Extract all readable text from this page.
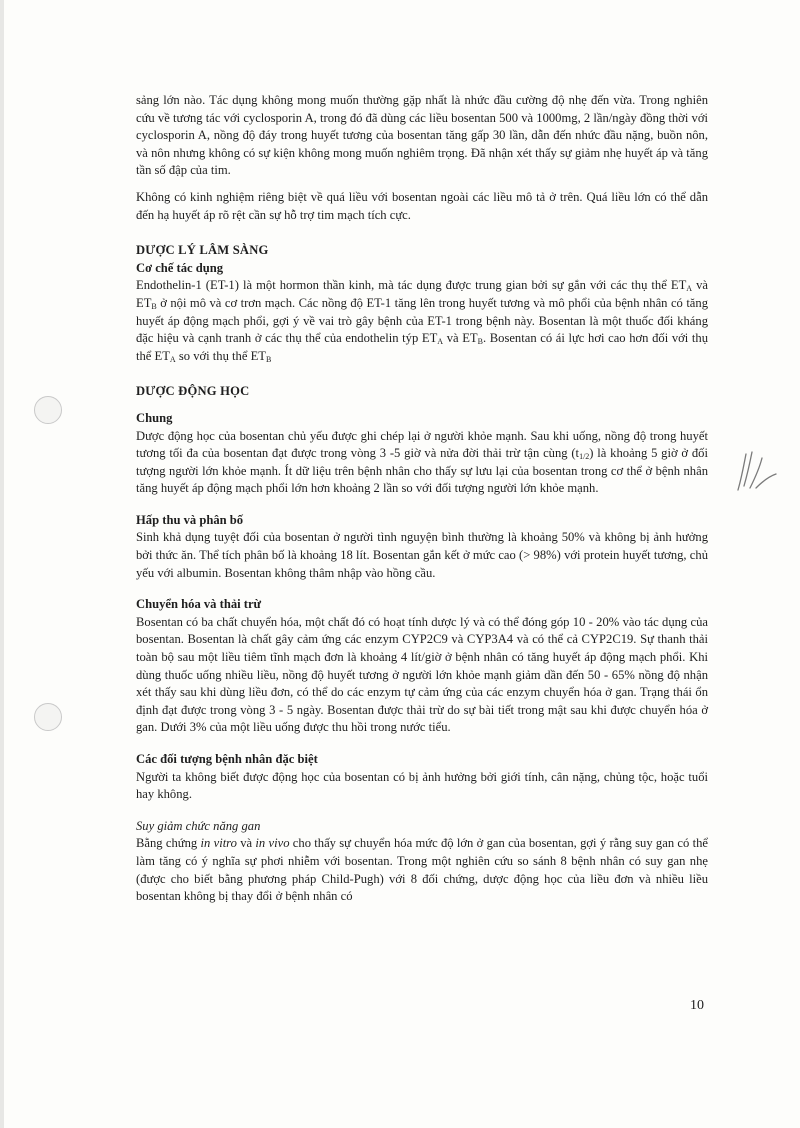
sảng lớn nào. Tác dụng không mong muốn thường gặp nhất là nhức đầu cường độ nhẹ đến vừa. Trong nghiên cứu về tương tác với cyclosporin A, trong đó đã dùng các liều bosentan 500 và 1000mg, 2 lần/ngày đồng thời với cyclosporin A, nồng độ đáy trong huyết tương của bosentan tăng gấp 30 lần, dẫn đến nhức đầu nặng, buồn nôn, và nôn nhưng không có sự kiện không mong muốn nghiêm trọng. Đã nhận xét thấy sự giảm nhẹ huyết áp và tăng tần số đập của tim.

Không có kinh nghiệm riêng biệt về quá liều với bosentan ngoài các liều mô tả ở trên. Quá liều lớn có thể dẫn đến hạ huyết áp rõ rệt cần sự hỗ trợ tim mạch tích cực.

DƯỢC LÝ LÂM SÀNG

Cơ chế tác dụng

Endothelin-1 (ET-1) là một hormon thần kinh, mà tác dụng được trung gian bởi sự gắn với các thụ thể $ET_A$ và $ET_B$ ở nội mô và cơ trơn mạch. Các nồng độ ET-1 tăng lên trong huyết tương và mô phổi của bệnh nhân có tăng huyết áp động mạch phổi, gợi ý về vai trò gây bệnh của ET-1 trong bệnh này. Bosentan là một thuốc đối kháng đặc hiệu và cạnh tranh ở các thụ thể của endothelin týp $ET_A$ và $ET_B$. Bosentan có ái lực hơi cao hơn đối với thụ thể $ET_A$ so với thụ thể $ET_B$

DƯỢC ĐỘNG HỌC

Chung

Dược động học của bosentan chủ yếu được ghi chép lại ở người khỏe mạnh. Sau khi uống, nồng độ trong huyết tương tối đa của bosentan đạt được trong vòng 3 -5 giờ và nửa đời thải trừ tận cùng $(t_{1/2})$ là khoảng 5 giờ ở đối tượng người lớn khỏe mạnh. Ít dữ liệu trên bệnh nhân cho thấy sự lưu lại của bosentan trong cơ thể ở bệnh nhân tăng huyết áp động mạch phổi lớn hơn khoảng 2 lần so với đối tượng người lớn khỏe mạnh.

Hấp thu và phân bố

Sinh khả dụng tuyệt đối của bosentan ở người tình nguyện bình thường là khoảng 50% và không bị ảnh hưởng bởi thức ăn. Thể tích phân bố là khoảng 18 lít. Bosentan gắn kết ở mức cao (> 98%) với protein huyết tương, chủ yếu với albumin. Bosentan không thâm nhập vào hồng cầu.

Chuyển hóa và thải trừ

Bosentan có ba chất chuyển hóa, một chất đó có hoạt tính dược lý và có thể đóng góp 10 - 20% vào tác dụng của bosentan. Bosentan là chất gây cảm ứng các enzym CYP2C9 và CYP3A4 và có thể cả CYP2C19. Sự thanh thải toàn bộ sau một liều tiêm tĩnh mạch đơn là khoảng 4 lít/giờ ở bệnh nhân có tăng huyết áp động mạch phổi. Khi dùng thuốc uống nhiều liều, nồng độ huyết tương ở người lớn khỏe mạnh giảm dần đến 50 - 65% nồng độ nhận xét thấy sau khi dùng liều đơn, có thể do các enzym tự cảm ứng của các enzym chuyển hóa ở gan. Trạng thái ổn định đạt được trong vòng 3 - 5 ngày. Bosentan được thải trừ do sự bài tiết trong mật sau khi được chuyển hóa ở gan. Dưới 3% của một liều uống được thu hồi trong nước tiểu.

Các đối tượng bệnh nhân đặc biệt

Người ta không biết được động học của bosentan có bị ảnh hưởng bởi giới tính, cân nặng, chủng tộc, hoặc tuổi hay không.

Suy giảm chức năng gan

Bằng chứng in vitro và in vivo cho thấy sự chuyển hóa mức độ lớn ở gan của bosentan, gợi ý rằng suy gan có thể làm tăng có ý nghĩa sự phơi nhiễm với bosentan. Trong một nghiên cứu so sánh 8 bệnh nhân có suy gan nhẹ (được cho biết bằng phương pháp Child-Pugh) với 8 đối chứng, dược động học của liều đơn và nhiều liều bosentan không bị thay đổi ở bệnh nhân có

10
